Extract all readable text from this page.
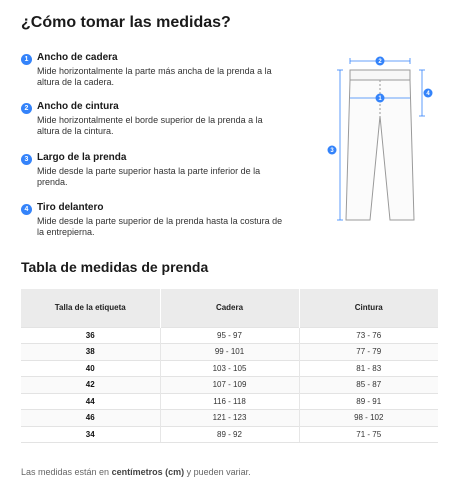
¿Cómo tomar las medidas?
1 Ancho de cadera
Mide horizontalmente la parte más ancha de la prenda a la altura de la cadera.
2 Ancho de cintura
Mide horizontalmente el borde superior de la prenda a la altura de la cintura.
3 Largo de la prenda
Mide desde la parte superior hasta la parte inferior de la prenda.
4 Tiro delantero
Mide desde la parte superior de la prenda hasta la costura de la entrepierna.
2
1
4
3
Tabla de medidas de prenda
Talla de la etiqueta	Cadera	Cintura
36	95 - 97	73 - 76
38	99 - 101	77 - 79
40	103 - 105	81 - 83
42	107 - 109	85 - 87
44	116 - 118	89 - 91
46	121 - 123	98 - 102
34	89 - 92	71 - 75
Las medidas están en centímetros (cm) y pueden variar.
